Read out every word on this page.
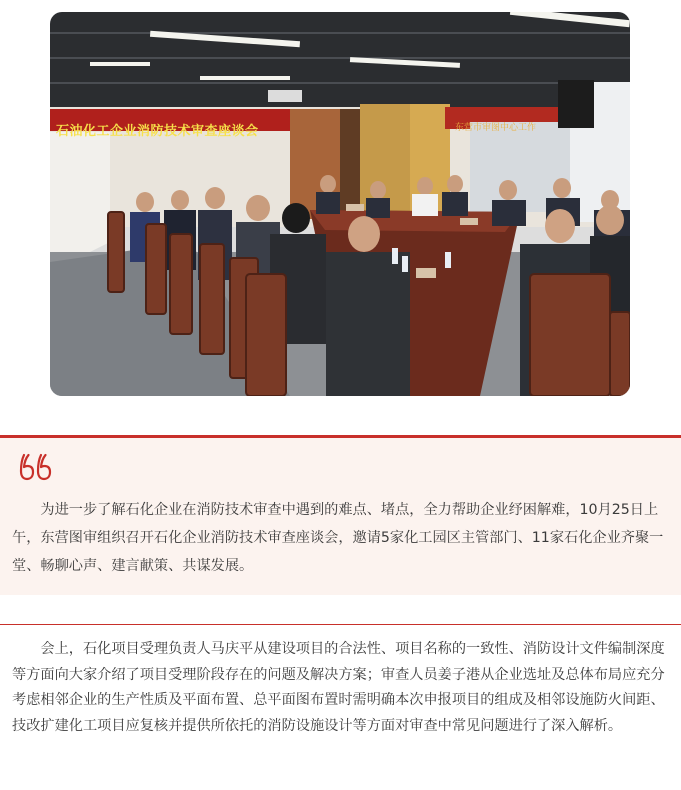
石油化工企业消防技术审查座谈会	东营市审图中心工作

为进一步了解石化企业在消防技术审查中遇到的难点、堵点，全力帮助企业纾困解难，10月25日上午，东营图审组织召开石化企业消防技术审查座谈会，邀请5家化工园区主管部门、11家石化企业齐聚一堂、畅聊心声、建言献策、共谋发展。

会上，石化项目受理负责人马庆平从建设项目的合法性、项目名称的一致性、消防设计文件编制深度等方面向大家介绍了项目受理阶段存在的问题及解决方案；审查人员姜子港从企业选址及总体布局应充分考虑相邻企业的生产性质及平面布置、总平面图布置时需明确本次申报项目的组成及相邻设施防火间距、技改扩建化工项目应复核并提供所依托的消防设施设计等方面对审查中常见问题进行了深入解析。
